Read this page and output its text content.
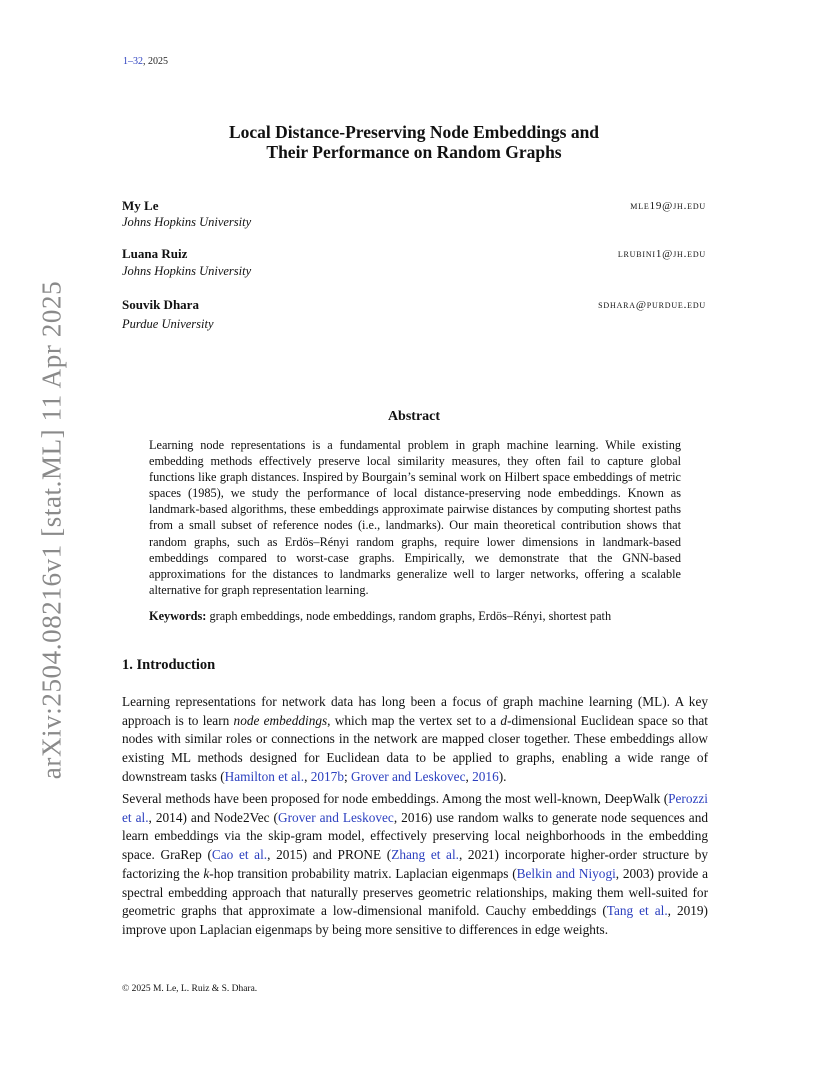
arXiv:2504.08216v1 [stat.ML] 11 Apr 2025
1–32, 2025
Local Distance-Preserving Node Embeddings and
Their Performance on Random Graphs
My Le
Johns Hopkins University
mle19@jh.edu
Luana Ruiz
Johns Hopkins University
lrubini1@jh.edu
Souvik Dhara
Purdue University
sdhara@purdue.edu
Abstract
Learning node representations is a fundamental problem in graph machine learning. While existing embedding methods effectively preserve local similarity measures, they often fail to capture global functions like graph distances. Inspired by Bourgain’s seminal work on Hilbert space embeddings of metric spaces (1985), we study the performance of local distance-preserving node embeddings. Known as landmark-based algorithms, these embeddings approximate pairwise distances by computing shortest paths from a small subset of reference nodes (i.e., landmarks). Our main theoretical contribution shows that random graphs, such as Erdös–Rényi random graphs, require lower dimensions in landmark-based embeddings compared to worst-case graphs. Empirically, we demonstrate that the GNN-based approximations for the distances to landmarks generalize well to larger networks, offering a scalable alternative for graph representation learning.
Keywords: graph embeddings, node embeddings, random graphs, Erdös–Rényi, shortest path
1. Introduction
Learning representations for network data has long been a focus of graph machine learning (ML). A key approach is to learn node embeddings, which map the vertex set to a d-dimensional Euclidean space so that nodes with similar roles or connections in the network are mapped closer together. These embeddings allow existing ML methods designed for Euclidean data to be applied to graphs, enabling a wide range of downstream tasks (Hamilton et al., 2017b; Grover and Leskovec, 2016).
Several methods have been proposed for node embeddings. Among the most well-known, DeepWalk (Perozzi et al., 2014) and Node2Vec (Grover and Leskovec, 2016) use random walks to generate node sequences and learn embeddings via the skip-gram model, effectively preserving local neighborhoods in the embedding space. GraRep (Cao et al., 2015) and PRONE (Zhang et al., 2021) incorporate higher-order structure by factorizing the k-hop transition probability matrix. Laplacian eigenmaps (Belkin and Niyogi, 2003) provide a spectral embedding approach that naturally preserves geometric relationships, making them well-suited for geometric graphs that approximate a low-dimensional manifold. Cauchy embeddings (Tang et al., 2019) improve upon Laplacian eigenmaps by being more sensitive to differences in edge weights.
© 2025 M. Le, L. Ruiz & S. Dhara.
